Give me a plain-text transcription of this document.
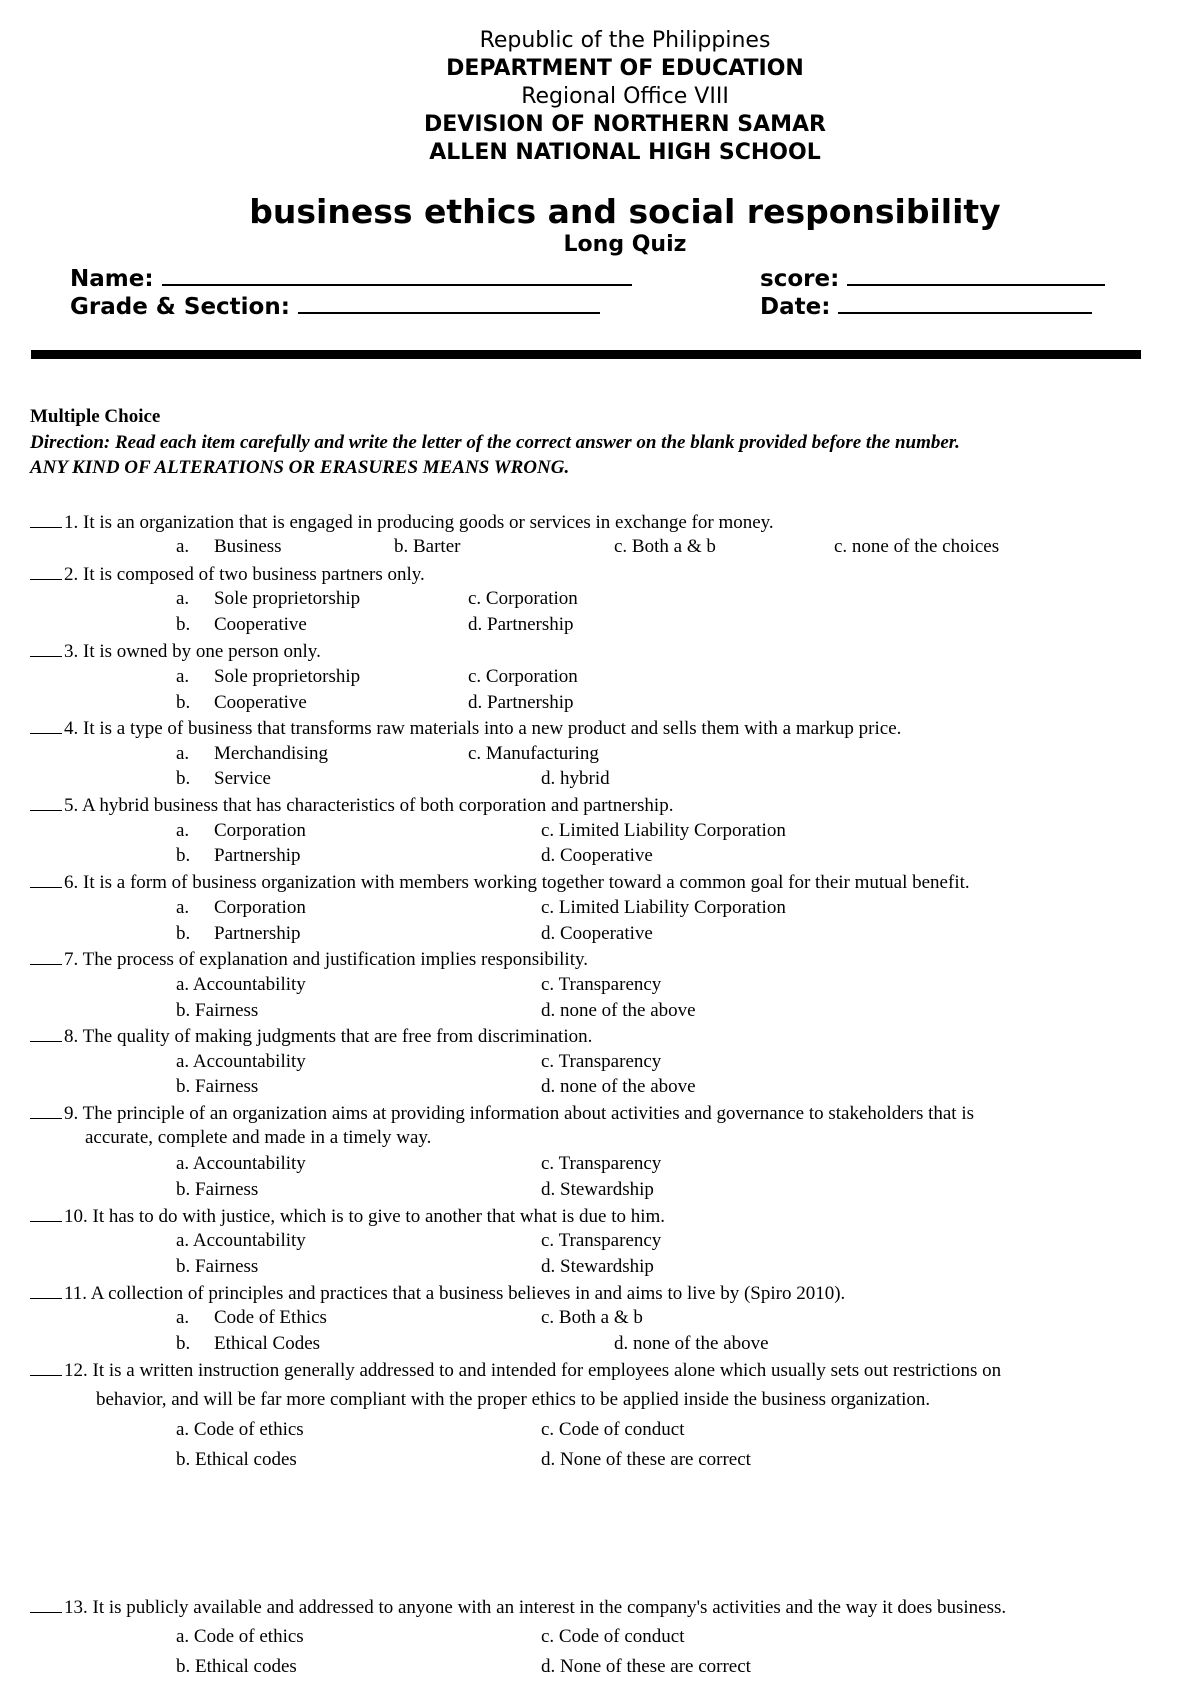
Republic of the Philippines
DEPARTMENT OF EDUCATION
Regional Office VIII
DEVISION OF NORTHERN SAMAR
ALLEN NATIONAL HIGH SCHOOL
business ethics and social responsibility
Long Quiz
Name:	score:
Grade & Section:	Date:
Multiple Choice
Direction: Read each item carefully and write the letter of the correct answer on the blank provided before the number.
ANY KIND OF ALTERATIONS OR ERASURES MEANS WRONG.
1. It is an organization that is engaged in producing goods or services in exchange for money.
a. Business	b. Barter	c. Both a & b	c. none of the choices
2. It is composed of two business partners only.
a. Sole proprietorship	c. Corporation
b. Cooperative	d. Partnership
3. It is owned by one person only.
a. Sole proprietorship	c. Corporation
b. Cooperative	d. Partnership
4. It is a type of business that transforms raw materials into a new product and sells them with a markup price.
a. Merchandising	c. Manufacturing
b. Service	d. hybrid
5. A hybrid business that has characteristics of both corporation and partnership.
a. Corporation	c. Limited Liability Corporation
b. Partnership	d. Cooperative
6. It is a form of business organization with members working together toward a common goal for their mutual benefit.
a. Corporation	c. Limited Liability Corporation
b. Partnership	d. Cooperative
7. The process of explanation and justification implies responsibility.
a. Accountability	c. Transparency
b. Fairness	d. none of the above
8. The quality of making judgments that are free from discrimination.
a. Accountability	c. Transparency
b. Fairness	d. none of the above
9. The principle of an organization aims at providing information about activities and governance to stakeholders that is
accurate, complete and made in a timely way.
a. Accountability	c. Transparency
b. Fairness	d. Stewardship
10. It has to do with justice, which is to give to another that what is due to him.
a. Accountability	c. Transparency
b. Fairness	d. Stewardship
11. A collection of principles and practices that a business believes in and aims to live by (Spiro 2010).
a. Code of Ethics	c. Both a & b
b. Ethical Codes	d. none of the above
12. It is a written instruction generally addressed to and intended for employees alone which usually sets out restrictions on
behavior, and will be far more compliant with the proper ethics to be applied inside the business organization.
a. Code of ethics	c. Code of conduct
b. Ethical codes	d. None of these are correct
13. It is publicly available and addressed to anyone with an interest in the company's activities and the way it does business.
a. Code of ethics	c. Code of conduct
b. Ethical codes	d. None of these are correct
